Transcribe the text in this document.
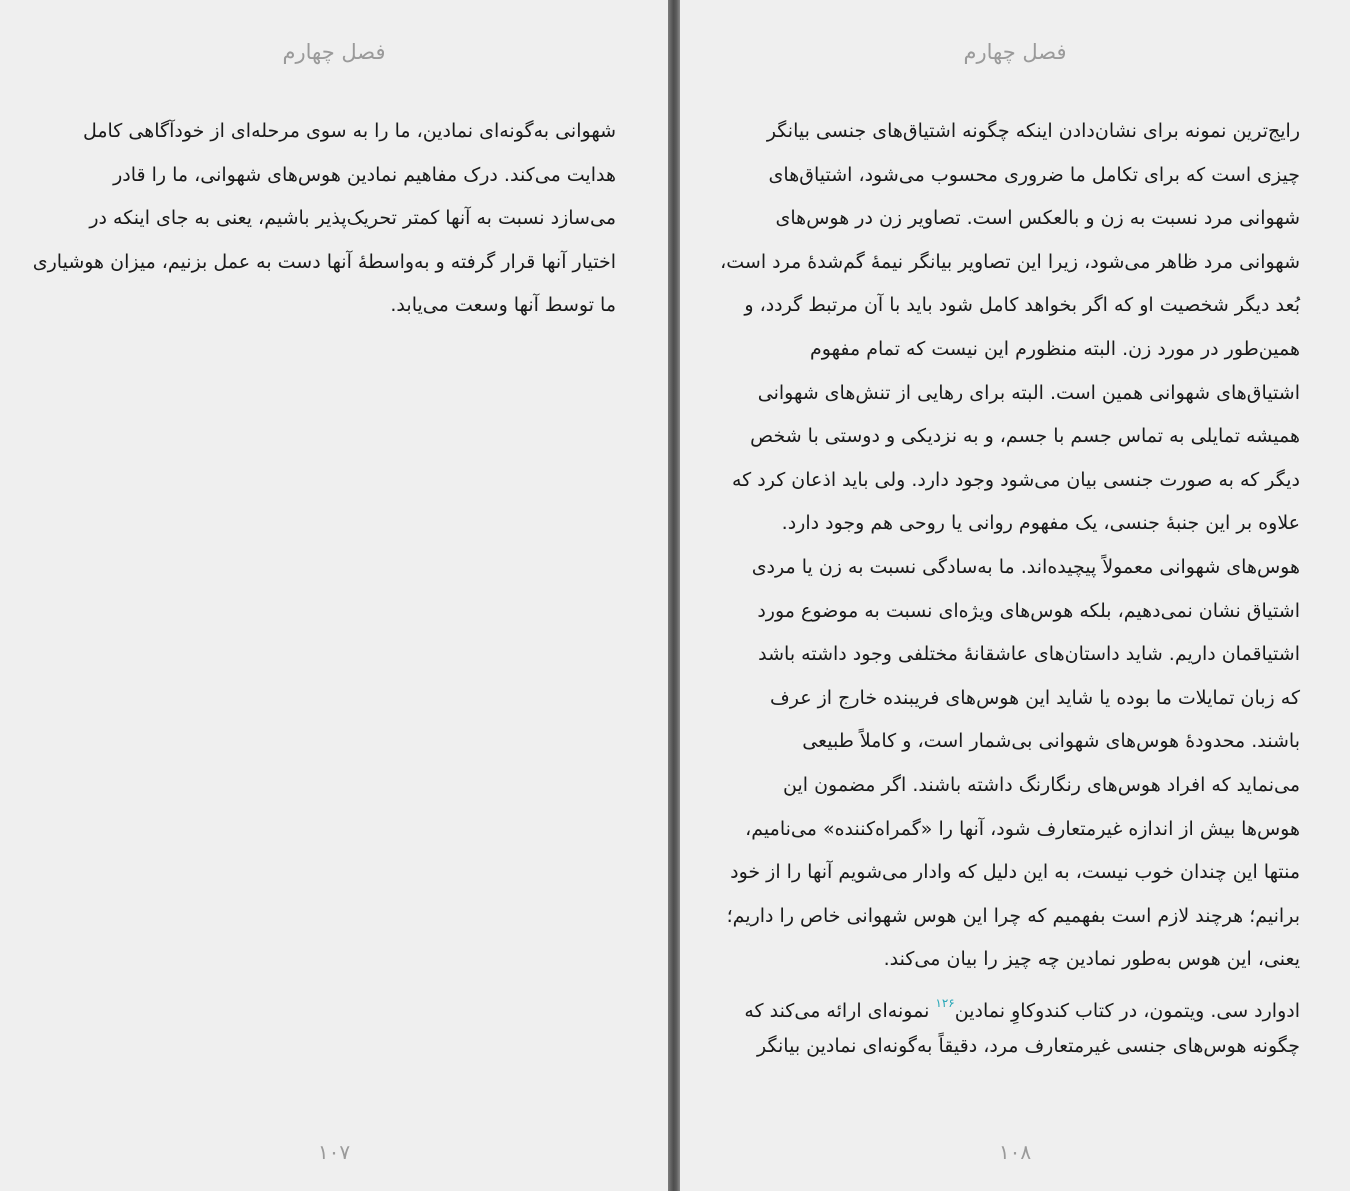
فصل چهارم
شهوانی به‌گونه‌ای نمادین، ما را به سوی مرحله‌ای از خودآگاهی کامل
هدایت می‌کند. درک مفاهیم نمادین هوس‌های شهوانی، ما را قادر
می‌سازد نسبت به آنها کمتر تحریک‌پذیر باشیم، یعنی به جای اینکه در
اختیار آنها قرار گرفته و به‌واسطهٔ آنها دست به عمل بزنیم، میزان هوشیاری
ما توسط آنها وسعت می‌یابد.
۱۰۷
فصل چهارم
رایج‌ترین نمونه برای نشان‌دادن اینکه چگونه اشتیاق‌های جنسی بیانگر
چیزی است که برای تکامل ما ضروری محسوب می‌شود، اشتیاق‌های
شهوانی مرد نسبت به زن و بالعکس است. تصاویر زن در هوس‌های
شهوانی مرد ظاهر می‌شود، زیرا این تصاویر بیانگر نیمهٔ گم‌شدهٔ مرد است،
بُعد دیگر شخصیت او که اگر بخواهد کامل شود باید با آن مرتبط گردد، و
همین‌طور در مورد زن. البته منظورم این نیست که تمام مفهوم
اشتیاق‌های شهوانی همین است. البته برای رهایی از تنش‌های شهوانی
همیشه تمایلی به تماس جسم با جسم، و به نزدیکی و دوستی با شخص
دیگر که به صورت جنسی بیان می‌شود وجود دارد. ولی باید اذعان کرد که
علاوه بر این جنبهٔ جنسی، یک مفهوم روانی یا روحی هم وجود دارد.
هوس‌های شهوانی معمولاً پیچیده‌اند. ما به‌سادگی نسبت به زن یا مردی
اشتیاق نشان نمی‌دهیم، بلکه هوس‌های ویژه‌ای نسبت به موضوع مورد
اشتیاقمان داریم. شاید داستان‌های عاشقانهٔ مختلفی وجود داشته باشد
که زبان تمایلات ما بوده یا شاید این هوس‌های فریبنده خارج از عرف
باشند. محدودهٔ هوس‌های شهوانی بی‌شمار است، و کاملاً طبیعی
می‌نماید که افراد هوس‌های رنگارنگ داشته باشند. اگر مضمون این
هوس‌ها بیش از اندازه غیرمتعارف شود، آنها را «گمراه‌کننده» می‌نامیم،
منتها این چندان خوب نیست، به این دلیل که وادار می‌شویم آنها را از خود
برانیم؛ هرچند لازم است بفهمیم که چرا این هوس شهوانی خاص را داریم؛
یعنی، این هوس به‌طور نمادین چه چیز را بیان می‌کند.
ادوارد سی. ویتمون، در کتاب کندوکاوِ نمادین$^{۱۲۶}$ نمونه‌ای ارائه می‌کند که
چگونه هوس‌های جنسی غیرمتعارف مرد، دقیقاً به‌گونه‌ای نمادین بیانگر
۱۰۸
